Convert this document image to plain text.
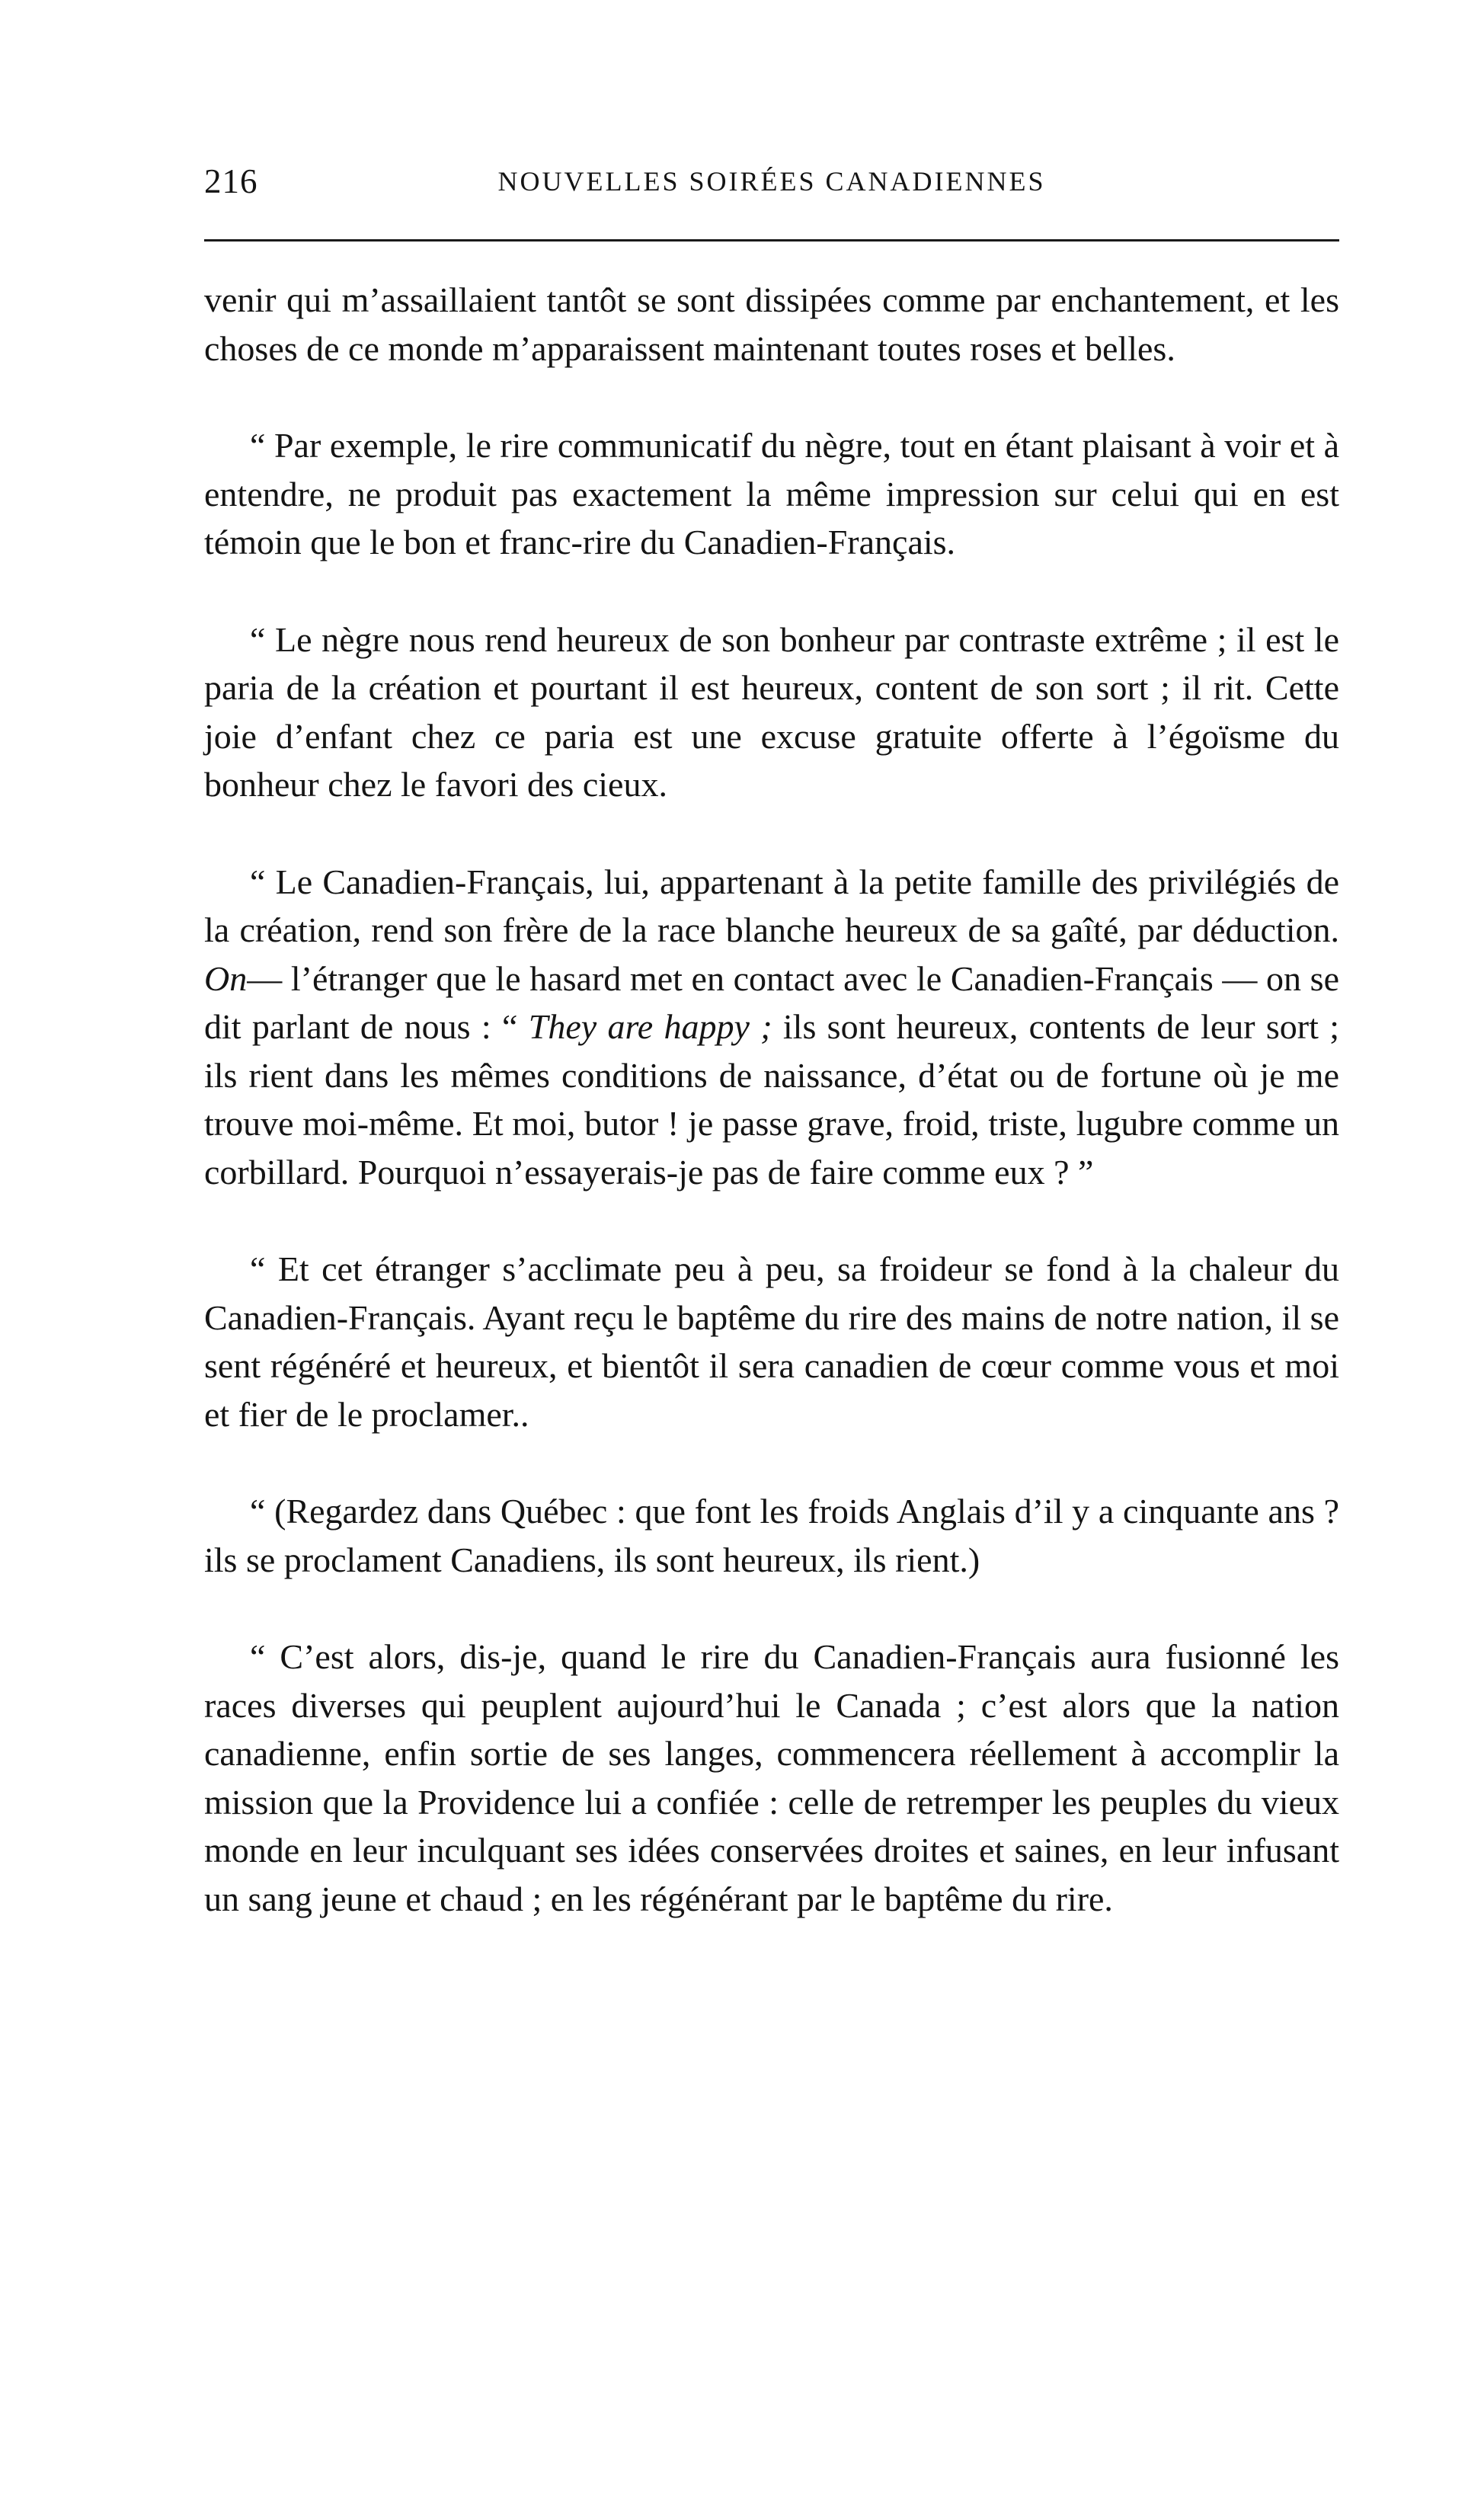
216	NOUVELLES SOIRÉES CANADIENNES

venir qui m’assaillaient tantôt se sont dissipées comme par enchantement, et les choses de ce monde m’apparaissent maintenant toutes roses et belles.

“ Par exemple, le rire communicatif du nègre, tout en étant plaisant à voir et à entendre, ne produit pas exactement la même impression sur celui qui en est témoin que le bon et franc-rire du Canadien-Français.

“ Le nègre nous rend heureux de son bonheur par contraste extrême ; il est le paria de la création et pourtant il est heureux, content de son sort ; il rit. Cette joie d’enfant chez ce paria est une excuse gratuite offerte à l’égoïsme du bonheur chez le favori des cieux.

“ Le Canadien-Français, lui, appartenant à la petite famille des privilégiés de la création, rend son frère de la race blanche heureux de sa gaîté, par déduction. On— l’étranger que le hasard met en contact avec le Canadien-Français — on se dit parlant de nous : “ They are happy ; ils sont heureux, contents de leur sort ; ils rient dans les mêmes conditions de naissance, d’état ou de fortune où je me trouve moi-même. Et moi, butor ! je passe grave, froid, triste, lugubre comme un corbillard. Pourquoi n’essayerais-je pas de faire comme eux ? ”

“ Et cet étranger s’acclimate peu à peu, sa froideur se fond à la chaleur du Canadien-Français. Ayant reçu le baptême du rire des mains de notre nation, il se sent régénéré et heureux, et bientôt il sera canadien de cœur comme vous et moi et fier de le proclamer..

“ (Regardez dans Québec : que font les froids Anglais d’il y a cinquante ans ? ils se proclament Canadiens, ils sont heureux, ils rient.)

“ C’est alors, dis-je, quand le rire du Canadien-Français aura fusionné les races diverses qui peuplent aujourd’hui le Canada ; c’est alors que la nation canadienne, enfin sortie de ses langes, commencera réellement à accomplir la mission que la Providence lui a confiée : celle de retremper les peuples du vieux monde en leur inculquant ses idées conservées droites et saines, en leur infusant un sang jeune et chaud ; en les régénérant par le baptême du rire.
